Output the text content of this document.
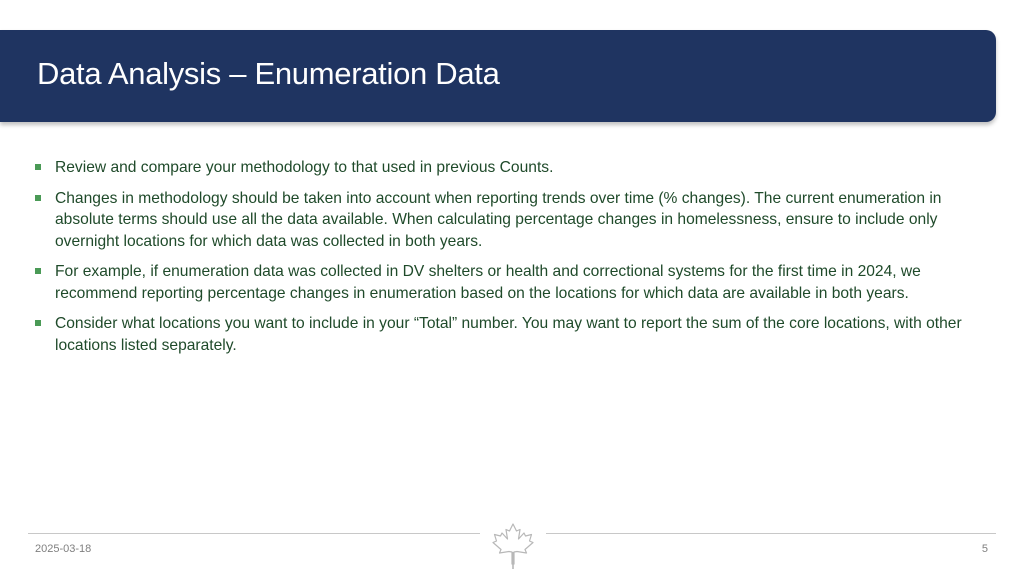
Data Analysis – Enumeration Data
Review and compare your methodology to that used in previous Counts.
Changes in methodology should be taken into account when reporting trends over time (% changes). The current enumeration in absolute terms should use all the data available. When calculating percentage changes in homelessness, ensure to include only overnight locations for which data was collected in both years.
For example, if enumeration data was collected in DV shelters or health and correctional systems for the first time in 2024, we recommend reporting percentage changes in enumeration based on the locations for which data are available in both years.
Consider what locations you want to include in your “Total” number. You may want to report the sum of the core locations, with other locations listed separately.
2025-03-18	5
